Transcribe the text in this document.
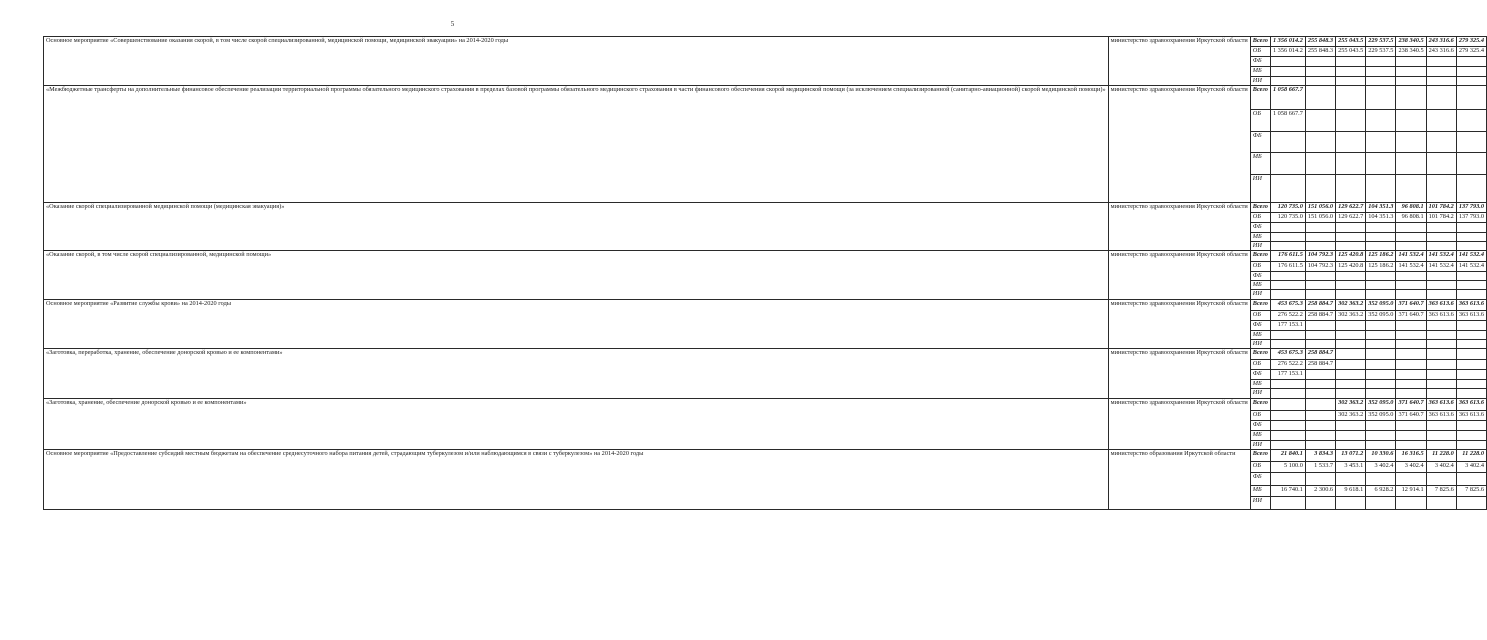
5
Основное мероприятие «Совершенствование оказания скорой, в том числе скорой специализированной, медицинской помощи, медицинской эвакуации» на 2014-2020 годы	министерство здравоохранения Иркутской области	Всего	1 356 014.2	255 848.3	255 043.5	229 537.5	238 340.5	243 316.6	279 325.4
		ОБ	1 356 014.2	255 848.3	255 043.5	229 537.5	238 340.5	243 316.6	279 325.4
		ФБ							
		МБ							
		ИИ							
«Межбюджетные трансферты на дополнительные финансовое обеспечение реализации территориальной программы обязательного медицинского страхования в пределах базовой программы обязательного медицинского страхования в части финансового обеспечения скорой медицинской помощи (за исключением специализированной (санитарно-авиационной) скорой медицинской помощи)»	министерство здравоохранения Иркутской области	Всего	1 058 667.7						
		ОБ	1 058 667.7						
		ФБ							
		МБ							
		ИИ							
«Оказание скорой специализированной медицинской помощи (медицинская эвакуация)»	министерство здравоохранения Иркутской области	Всего	120 735.0	151 056.0	129 622.7	104 351.3	96 808.1	101 784.2	137 793.0
		ОБ	120 735.0	151 056.0	129 622.7	104 351.3	96 808.1	101 784.2	137 793.0
		ФБ							
		МБ							
		ИИ							
«Оказание скорой, в том числе скорой специализированной, медицинской помощи»	министерство здравоохранения Иркутской области	Всего	176 611.5	104 792.3	125 420.8	125 186.2	141 532.4	141 532.4	141 532.4
		ОБ	176 611.5	104 792.3	125 420.8	125 186.2	141 532.4	141 532.4	141 532.4
		ФБ							
		МБ							
		ИИ							
Основное мероприятие «Развитие службы крови» на 2014-2020 годы	министерство здравоохранения Иркутской области	Всего	453 675.3	258 884.7	302 363.2	352 095.0	371 640.7	363 613.6	363 613.6
		ОБ	276 522.2	258 884.7	302 363.2	352 095.0	371 640.7	363 613.6	363 613.6
		ФБ	177 153.1						
		МБ							
		ИИ							
«Заготовка, переработка, хранение, обеспечение донорской кровью и ее компонентами»	министерство здравоохранения Иркутской области	Всего	453 675.3	258 884.7					
		ОБ	276 522.2	258 884.7					
		ФБ	177 153.1						
		МБ							
		ИИ							
«Заготовка, хранение, обеспечение донорской кровью и ее компонентами»	министерство здравоохранения Иркутской области	Всего			302 363.2	352 095.0	371 640.7	363 613.6	363 613.6
		ОБ			302 363.2	352 095.0	371 640.7	363 613.6	363 613.6
		ФБ							
		МБ							
		ИИ							
Основное мероприятие «Предоставление субсидий местным бюджетам на обеспечение среднесуточного набора питания детей, страдающим туберкулезом и/или наблюдающимся в связи с туберкулезом» на 2014-2020 годы	министерство образования Иркутской области	Всего	21 840.1	3 834.3	13 071.2	10 330.6	16 316.5	11 228.0	11 228.0
		ОБ	5 100.0	1 533.7	3 453.1	3 402.4	3 402.4	3 402.4	3 402.4
		ФБ							
		МБ	16 740.1	2 300.6	9 618.1	6 928.2	12 914.1	7 825.6	7 825.6
		ИИ							
